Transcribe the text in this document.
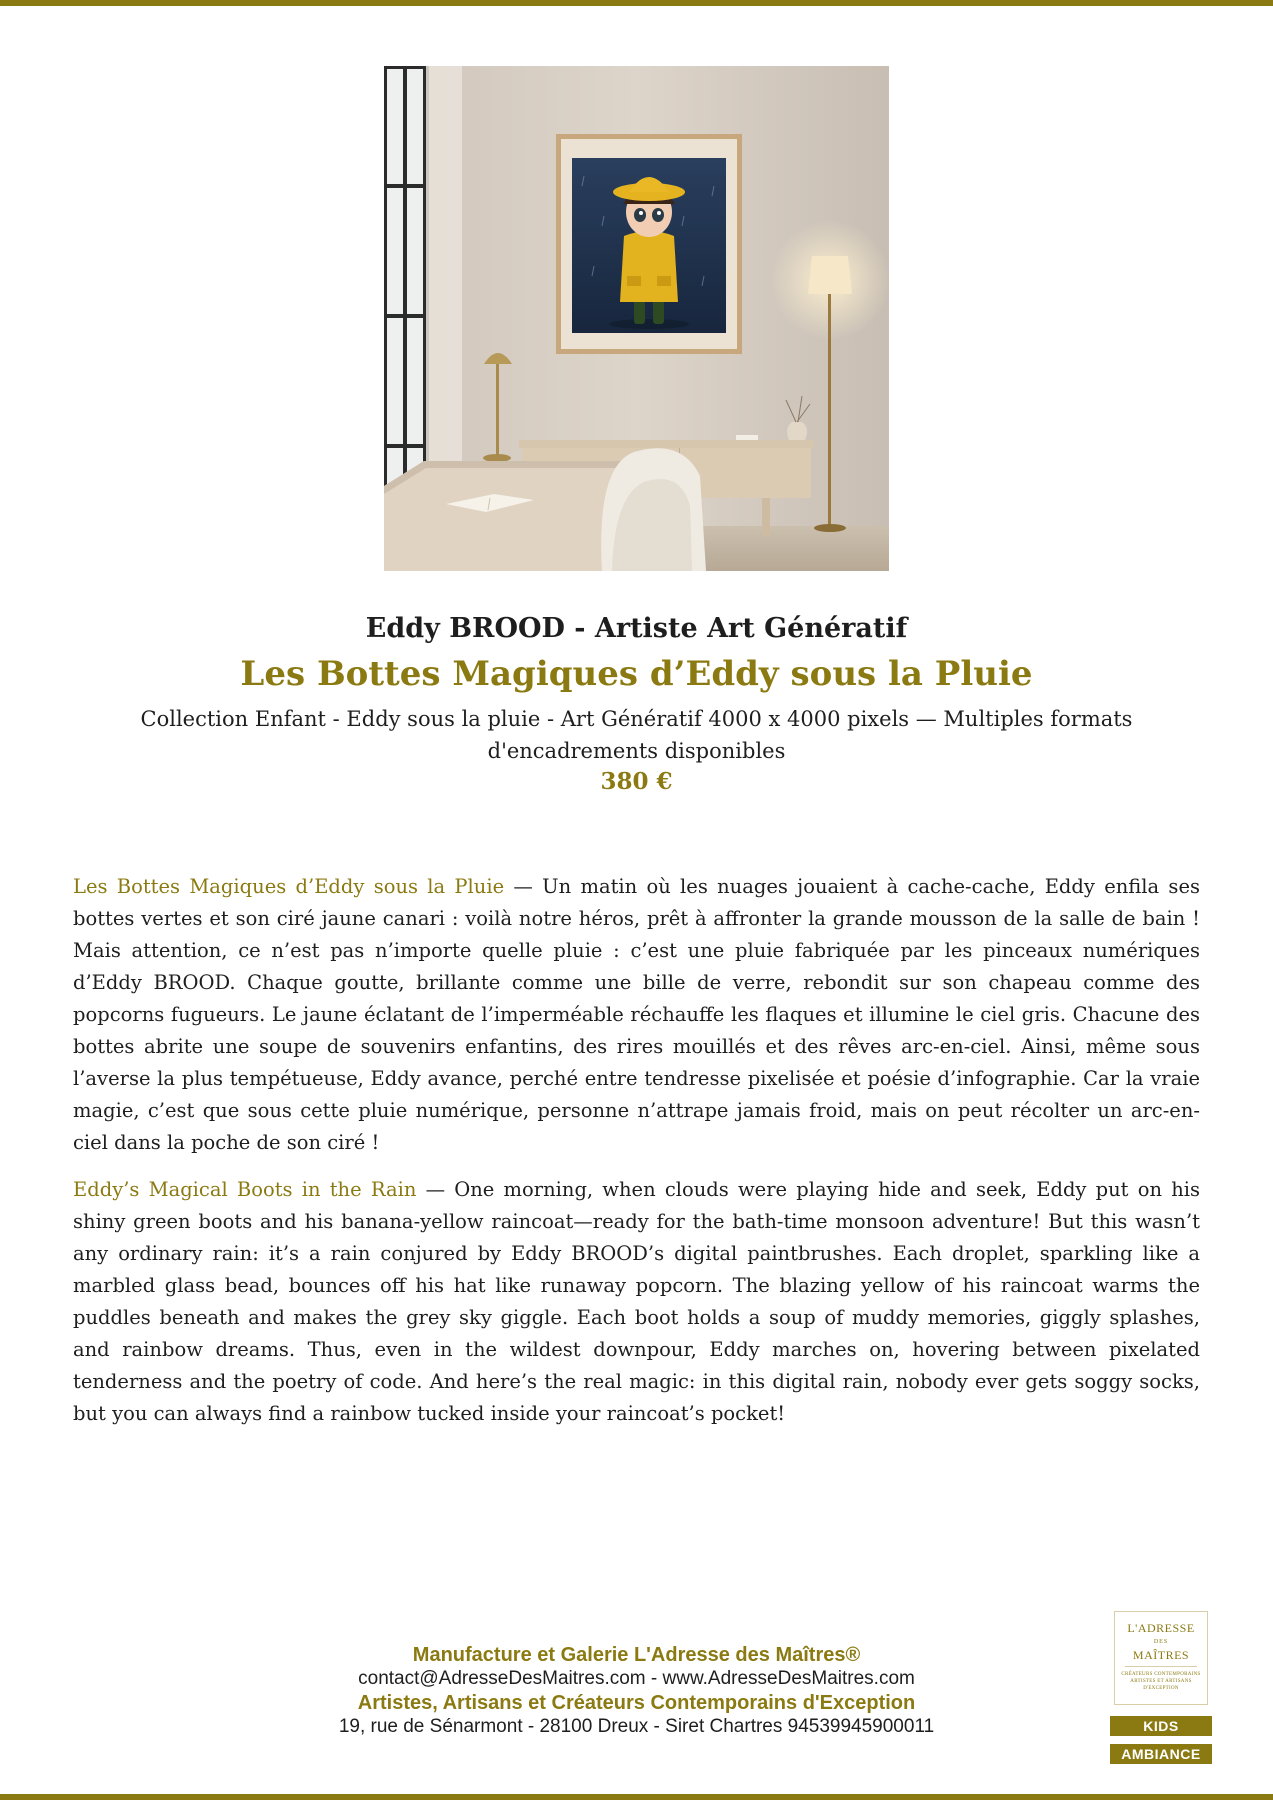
Eddy BROOD - Artiste Art Génératif
Les Bottes Magiques d’Eddy sous la Pluie
Collection Enfant - Eddy sous la pluie - Art Génératif 4000 x 4000 pixels — Multiples formats d'encadrements disponibles
380 €

Les Bottes Magiques d’Eddy sous la Pluie — Un matin où les nuages jouaient à cache-cache, Eddy enfila ses bottes vertes et son ciré jaune canari : voilà notre héros, prêt à affronter la grande mousson de la salle de bain ! Mais attention, ce n’est pas n’importe quelle pluie : c’est une pluie fabriquée par les pinceaux numériques d’Eddy BROOD. Chaque goutte, brillante comme une bille de verre, rebondit sur son chapeau comme des popcorns fugueurs. Le jaune éclatant de l’imperméable réchauffe les flaques et illumine le ciel gris. Chacune des bottes abrite une soupe de souvenirs enfantins, des rires mouillés et des rêves arc-en-ciel. Ainsi, même sous l’averse la plus tempétueuse, Eddy avance, perché entre tendresse pixelisée et poésie d’infographie. Car la vraie magie, c’est que sous cette pluie numérique, personne n’attrape jamais froid, mais on peut récolter un arc-en-ciel dans la poche de son ciré !

Eddy’s Magical Boots in the Rain — One morning, when clouds were playing hide and seek, Eddy put on his shiny green boots and his banana-yellow raincoat—ready for the bath-time monsoon adventure! But this wasn’t any ordinary rain: it’s a rain conjured by Eddy BROOD’s digital paintbrushes. Each droplet, sparkling like a marbled glass bead, bounces off his hat like runaway popcorn. The blazing yellow of his raincoat warms the puddles beneath and makes the grey sky giggle. Each boot holds a soup of muddy memories, giggly splashes, and rainbow dreams. Thus, even in the wildest downpour, Eddy marches on, hovering between pixelated tenderness and the poetry of code. And here’s the real magic: in this digital rain, nobody ever gets soggy socks, but you can always find a rainbow tucked inside your raincoat’s pocket!

Manufacture et Galerie L'Adresse des Maîtres®
contact@AdresseDesMaitres.com - www.AdresseDesMaitres.com
Artistes, Artisans et Créateurs Contemporains d'Exception
19, rue de Sénarmont - 28100 Dreux - Siret Chartres 94539945900011
L'ADRESSE
DES
MAÎTRES
CRÉATEURS CONTEMPORAINS ARTISTES ET ARTISANS D'EXCEPTION
KIDS
AMBIANCE
